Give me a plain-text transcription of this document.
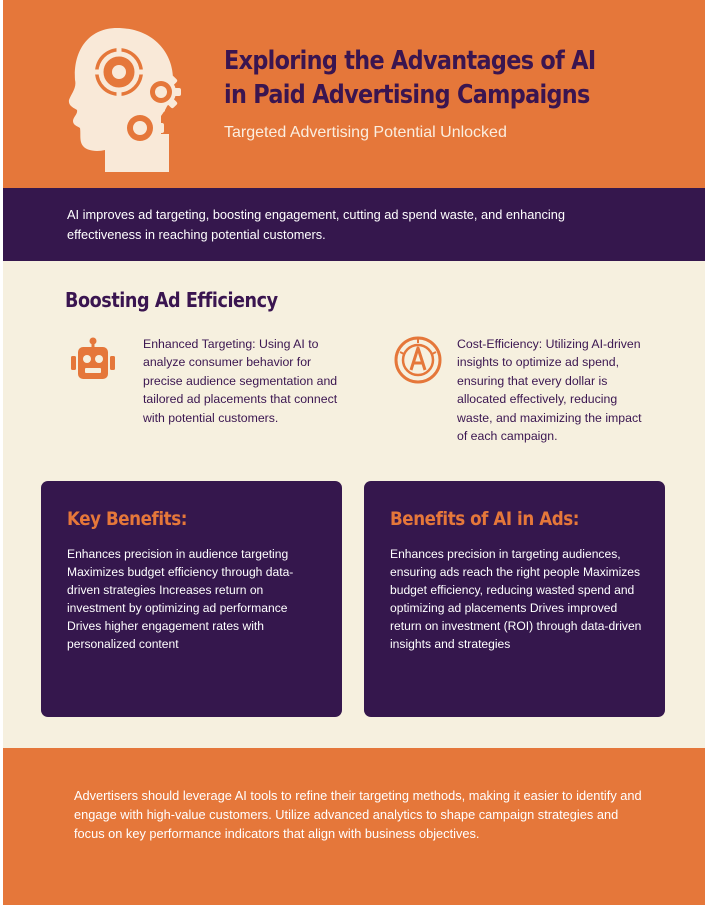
Exploring the Advantages of AI in Paid Advertising Campaigns
Targeted Advertising Potential Unlocked
AI improves ad targeting, boosting engagement, cutting ad spend waste, and enhancing effectiveness in reaching potential customers.
Boosting Ad Efficiency
Enhanced Targeting: Using AI to analyze consumer behavior for precise audience segmentation and tailored ad placements that connect with potential customers.
Cost-Efficiency: Utilizing AI-driven insights to optimize ad spend, ensuring that every dollar is allocated effectively, reducing waste, and maximizing the impact of each campaign.
Key Benefits:
Enhances precision in audience targeting Maximizes budget efficiency through data-driven strategies Increases return on investment by optimizing ad performance Drives higher engagement rates with personalized content
Benefits of AI in Ads:
Enhances precision in targeting audiences, ensuring ads reach the right people Maximizes budget efficiency, reducing wasted spend and optimizing ad placements Drives improved return on investment (ROI) through data-driven insights and strategies
Advertisers should leverage AI tools to refine their targeting methods, making it easier to identify and engage with high-value customers. Utilize advanced analytics to shape campaign strategies and focus on key performance indicators that align with business objectives.
